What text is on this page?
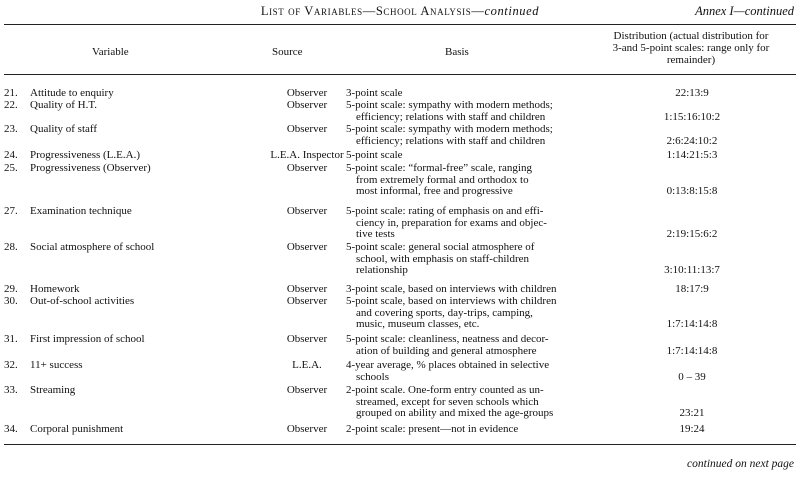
List of Variables—School Analysis—continued	Annex I—continued
Variable	Source	Basis
Distribution (actual distribution for
3-and 5-point scales: range only for
remainder)
21.	Attitude to enquiry	Observer	3-point scale	22:13:9
22.	Quality of H.T.	Observer	5-point scale: sympathy with modern methods;
efficiency; relations with staff and children	1:15:16:10:2
23.	Quality of staff	Observer	5-point scale: sympathy with modern methods;
efficiency; relations with staff and children	2:6:24:10:2
24.	Progressiveness (L.E.A.)	L.E.A. Inspector 5-point scale	1:14:21:5:3
25.	Progressiveness (Observer)	Observer	5-point scale: “formal-free” scale, ranging
from extremely formal and orthodox to
most informal, free and progressive	0:13:8:15:8
27.	Examination technique	Observer	5-point scale: rating of emphasis on and effi-
ciency in, preparation for exams and objec-
tive tests	2:19:15:6:2
28.	Social atmosphere of school	Observer	5-point scale: general social atmosphere of
school, with emphasis on staff-children
relationship	3:10:11:13:7
29.	Homework	Observer	3-point scale, based on interviews with children	18:17:9
30.	Out-of-school activities	Observer	5-point scale, based on interviews with children
and covering sports, day-trips, camping,
music, museum classes, etc.	1:7:14:14:8
31.	First impression of school	Observer	5-point scale: cleanliness, neatness and decor-
ation of building and general atmosphere	1:7:14:14:8
32.	11+ success	L.E.A.	4-year average, % places obtained in selective
schools	0 – 39
33.	Streaming	Observer	2-point scale. One-form entry counted as un-
streamed, except for seven schools which
grouped on ability and mixed the age-groups	23:21
34.	Corporal punishment	Observer	2-point scale: present—not in evidence	19:24
continued on next page
